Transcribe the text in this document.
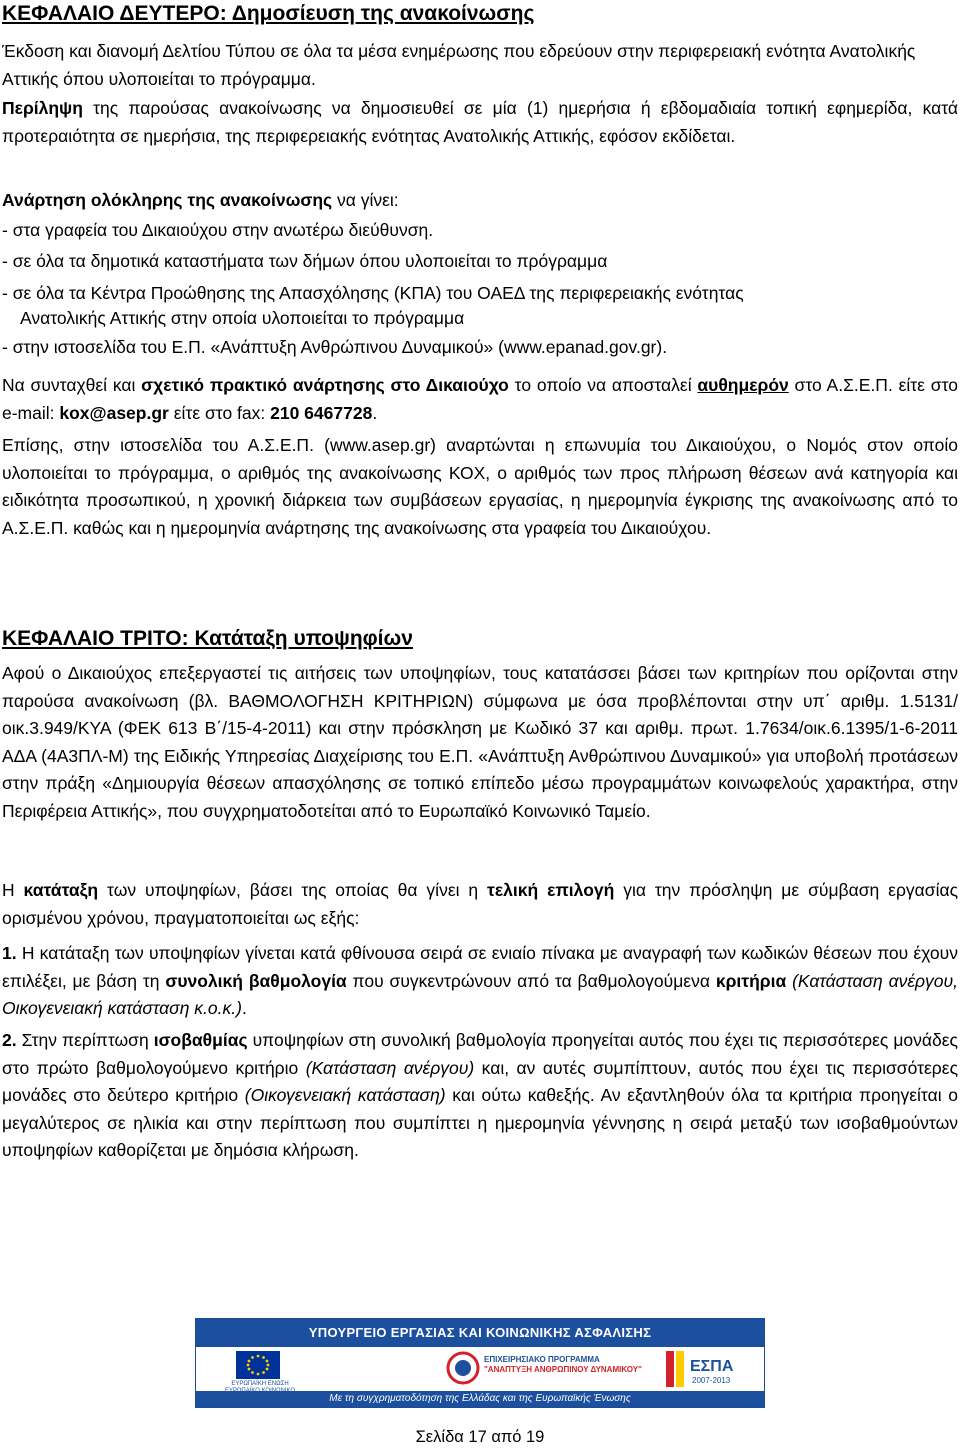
ΚΕΦΑΛΑΙΟ ΔΕΥΤΕΡΟ: Δημοσίευση της ανακοίνωσης

Έκδοση και διανομή Δελτίου Τύπου σε όλα τα μέσα ενημέρωσης που εδρεύουν στην περιφερειακή ενότητα Ανατολικής Αττικής όπου υλοποιείται το πρόγραμμα.

Περίληψη της παρούσας ανακοίνωσης να δημοσιευθεί σε μία (1) ημερήσια ή εβδομαδιαία τοπική εφημερίδα, κατά προτεραιότητα σε ημερήσια, της περιφερειακής ενότητας Ανατολικής Αττικής, εφόσον εκδίδεται.

Ανάρτηση ολόκληρης της ανακοίνωσης να γίνει:

- στα γραφεία του Δικαιούχου στην ανωτέρω διεύθυνση.

- σε όλα τα δημοτικά καταστήματα των δήμων όπου υλοποιείται το πρόγραμμα

- σε όλα τα Κέντρα Προώθησης της Απασχόλησης (ΚΠΑ) του ΟΑΕΔ της περιφερειακής ενότητας

Ανατολικής Αττικής στην οποία υλοποιείται το πρόγραμμα

- στην ιστοσελίδα του Ε.Π. «Ανάπτυξη Ανθρώπινου Δυναμικού» (www.epanad.gov.gr).

Να συνταχθεί και σχετικό πρακτικό ανάρτησης στο Δικαιούχο το οποίο να αποσταλεί αυθημερόν στο Α.Σ.Ε.Π. είτε στο e-mail: kox@asep.gr είτε στο fax: 210 6467728.

Επίσης, στην ιστοσελίδα του Α.Σ.Ε.Π. (www.asep.gr) αναρτώνται η επωνυμία του Δικαιούχου, ο Νομός στον οποίο υλοποιείται το πρόγραμμα, ο αριθμός της ανακοίνωσης ΚΟΧ, ο αριθμός των προς πλήρωση θέσεων ανά κατηγορία και ειδικότητα προσωπικού, η χρονική διάρκεια των συμβάσεων εργασίας, η ημερομηνία έγκρισης της ανακοίνωσης από το Α.Σ.Ε.Π. καθώς και η ημερομηνία ανάρτησης της ανακοίνωσης στα γραφεία του Δικαιούχου.

ΚΕΦΑΛΑΙΟ ΤΡΙΤΟ: Κατάταξη υποψηφίων

Αφού ο Δικαιούχος επεξεργαστεί τις αιτήσεις των υποψηφίων, τους κατατάσσει βάσει των κριτηρίων που ορίζονται στην παρούσα ανακοίνωση (βλ. ΒΑΘΜΟΛΟΓΗΣΗ ΚΡΙΤΗΡΙΩΝ) σύμφωνα με όσα προβλέπονται στην υπ΄ αριθμ. 1.5131/οικ.3.949/ΚΥΑ (ΦΕΚ 613 Β΄/15-4-2011) και στην πρόσκληση με Κωδικό 37 και αριθμ. πρωτ. 1.7634/οικ.6.1395/1-6-2011 ΑΔΑ (4Α3ΠΛ-Μ) της Ειδικής Υπηρεσίας Διαχείρισης του Ε.Π. «Ανάπτυξη Ανθρώπινου Δυναμικού» για υποβολή προτάσεων στην πράξη «Δημιουργία θέσεων απασχόλησης σε τοπικό επίπεδο μέσω προγραμμάτων κοινωφελούς χαρακτήρα, στην Περιφέρεια Αττικής», που συγχρηματοδοτείται από το Ευρωπαϊκό Κοινωνικό Ταμείο.

Η κατάταξη των υποψηφίων, βάσει της οποίας θα γίνει η τελική επιλογή για την πρόσληψη με σύμβαση εργασίας ορισμένου χρόνου, πραγματοποιείται ως εξής:

1. Η κατάταξη των υποψηφίων γίνεται κατά φθίνουσα σειρά σε ενιαίο πίνακα με αναγραφή των κωδικών θέσεων που έχουν επιλέξει, με βάση τη συνολική βαθμολογία που συγκεντρώνουν από τα βαθμολογούμενα κριτήρια (Κατάσταση ανέργου, Οικογενειακή κατάσταση κ.ο.κ.).

2. Στην περίπτωση ισοβαθμίας υποψηφίων στη συνολική βαθμολογία προηγείται αυτός που έχει τις περισσότερες μονάδες στο πρώτο βαθμολογούμενο κριτήριο (Κατάσταση ανέργου) και, αν αυτές συμπίπτουν, αυτός που έχει τις περισσότερες μονάδες στο δεύτερο κριτήριο (Οικογενειακή κατάσταση) και ούτω καθεξής. Αν εξαντληθούν όλα τα κριτήρια προηγείται ο μεγαλύτερος σε ηλικία και στην περίπτωση που συμπίπτει η ημερομηνία γέννησης η σειρά μεταξύ των ισοβαθμούντων υποψηφίων καθορίζεται με δημόσια κλήρωση.

ΥΠΟΥΡΓΕΙΟ ΕΡΓΑΣΙΑΣ ΚΑΙ ΚΟΙΝΩΝΙΚΗΣ ΑΣΦΑΛΙΣΗΣ
ΕΥΡΩΠΑΪΚΗ ΕΝΩΣΗ
ΕΠΙΧΕΙΡΗΣΙΑΚΟ ΠΡΟΓΡΑΜΜΑ
"ΑΝΑΠΤΥΞΗ ΑΝΘΡΩΠΙΝΟΥ ΔΥΝΑΜΙΚΟΥ"	ΕΣΠΑ
2007-2013
Με τη συγχρηματοδότηση της Ελλάδας και της Ευρωπαϊκής Ένωσης
Σελίδα 17 από 19
